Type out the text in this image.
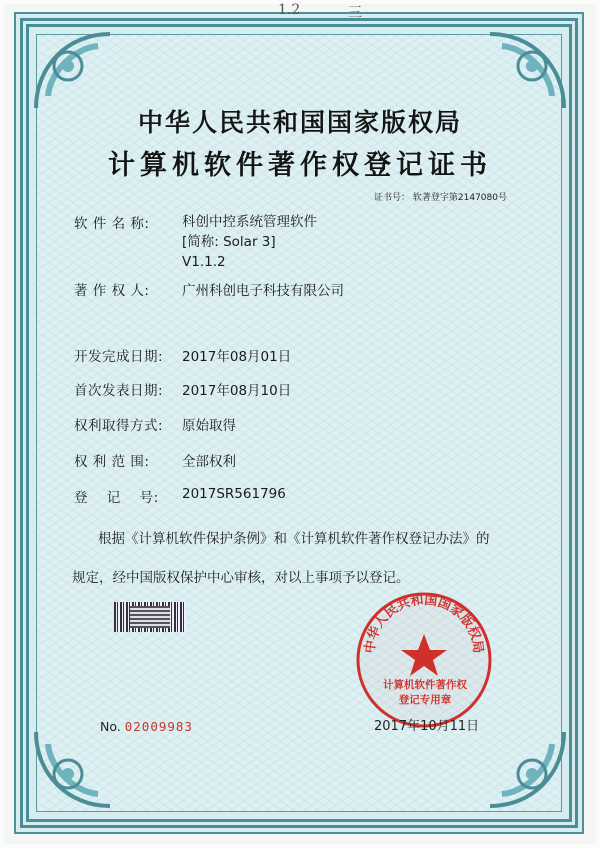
1.2	三
中华人民共和国国家版权局
计算机软件著作权登记证书
证书号： 软著登字第2147080号
软 件 名 称: 科创中控系统管理软件
[简称: Solar 3]
V1.1.2
著 作 权 人: 广州科创电子科技有限公司
开发完成日期: 2017年08月01日
首次发表日期: 2017年08月10日
权利取得方式: 原始取得
权 利 范 围: 全部权利
登　 记　 号: 2017SR561796
根据《计算机软件保护条例》和《计算机软件著作权登记办法》的
规定，经中国版权保护中心审核，对以上事项予以登记。
中华人民共和国国家版权局
计算机软件著作权
登记专用章
No. 02009983	2017年10月11日
